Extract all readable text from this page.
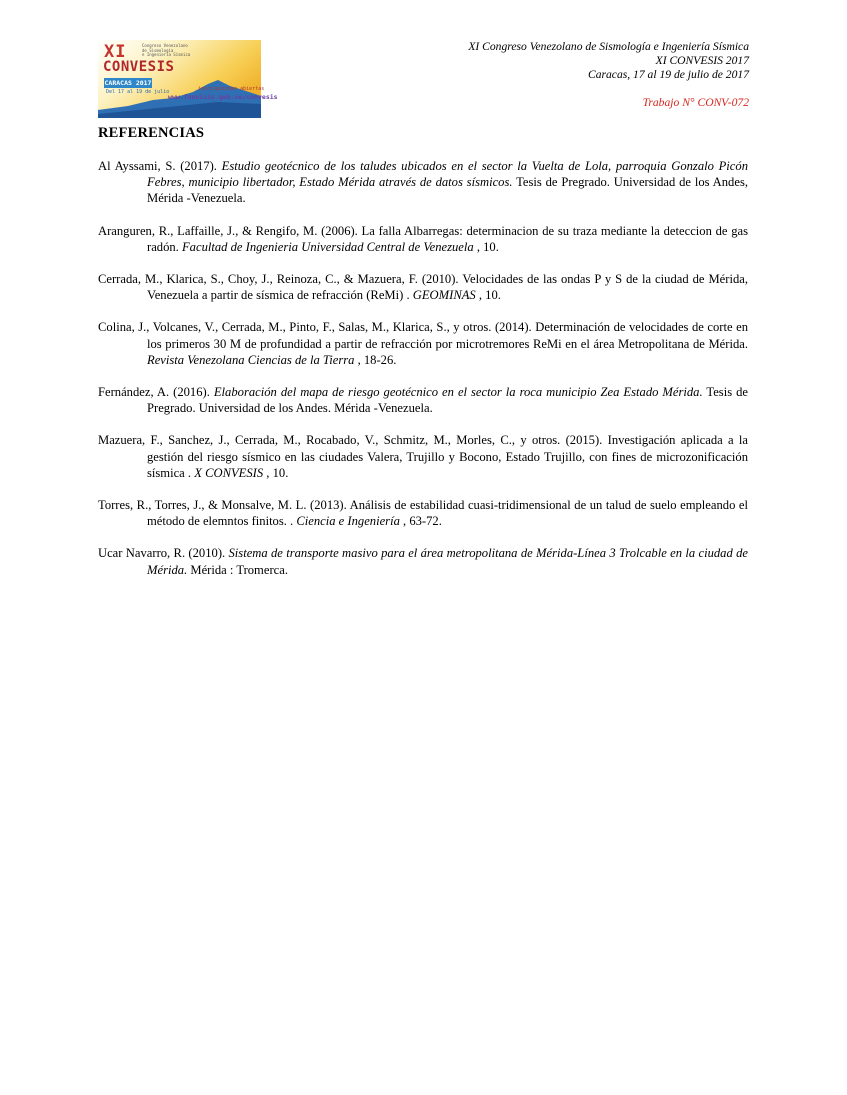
XI
CONVESIS
Congreso Venezolano
de Sismología
e Ingeniería Sísmica
CARACAS 2017
Del 17 al 19 de julio	inscripciones abiertas
www.funvisis.gob.ve/convesis
XI Congreso Venezolano de Sismología e Ingeniería Sísmica
XI CONVESIS 2017
Caracas, 17 al 19 de julio de 2017
Trabajo N° CONV-072
REFERENCIAS

Al Ayssami, S. (2017). Estudio geotécnico de los taludes ubicados en el sector la Vuelta de Lola, parroquia Gonzalo Picón Febres, municipio libertador, Estado Mérida através de datos sísmicos. Tesis de Pregrado. Universidad de los Andes, Mérida -Venezuela.

Aranguren, R., Laffaille, J., & Rengifo, M. (2006). La falla Albarregas: determinacion de su traza mediante la deteccion de gas radón. Facultad de Ingenieria Universidad Central de Venezuela , 10.

Cerrada, M., Klarica, S., Choy, J., Reinoza, C., & Mazuera, F. (2010). Velocidades de las ondas P y S de la ciudad de Mérida, Venezuela a partir de sísmica de refracción (ReMi) . GEOMINAS , 10.

Colina, J., Volcanes, V., Cerrada, M., Pinto, F., Salas, M., Klarica, S., y otros. (2014). Determinación de velocidades de corte en los primeros 30 M de profundidad a partir de refracción por microtremores ReMi en el área Metropolitana de Mérida. Revista Venezolana Ciencias de la Tierra , 18-26.

Fernández, A. (2016). Elaboración del mapa de riesgo geotécnico en el sector la roca municipio Zea Estado Mérida. Tesis de Pregrado. Universidad de los Andes. Mérida -Venezuela.

Mazuera, F., Sanchez, J., Cerrada, M., Rocabado, V., Schmitz, M., Morles, C., y otros. (2015). Investigación aplicada a la gestión del riesgo sísmico en las ciudades Valera, Trujillo y Bocono, Estado Trujillo, con fines de microzonificación sísmica . X CONVESIS , 10.

Torres, R., Torres, J., & Monsalve, M. L. (2013). Análisis de estabilidad cuasi-tridimensional de un talud de suelo empleando el método de elemntos finitos. . Ciencia e Ingeniería , 63-72.

Ucar Navarro, R. (2010). Sistema de transporte masivo para el área metropolitana de Mérida-Línea 3 Trolcable en la ciudad de Mérida. Mérida : Tromerca.
